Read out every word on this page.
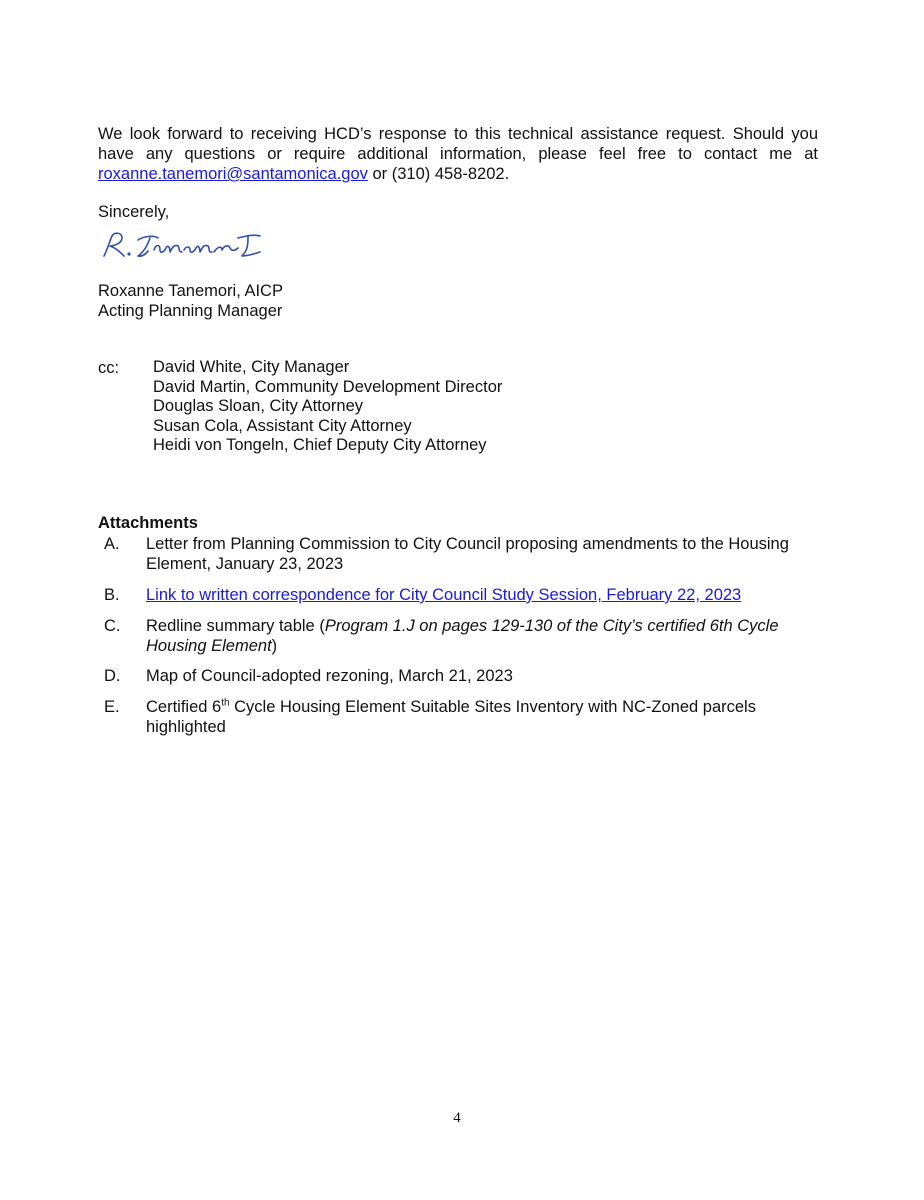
We look forward to receiving HCD’s response to this technical assistance request. Should you have any questions or require additional information, please feel free to contact me at roxanne.tanemori@santamonica.gov or (310) 458-8202.

Sincerely,
Roxanne Tanemori, AICP
Acting Planning Manager
cc: David White, City Manager
David Martin, Community Development Director
Douglas Sloan, City Attorney
Susan Cola, Assistant City Attorney
Heidi von Tongeln, Chief Deputy City Attorney
Attachments
A. Letter from Planning Commission to City Council proposing amendments to the Housing Element, January 23, 2023
B. Link to written correspondence for City Council Study Session, February 22, 2023
C. Redline summary table (Program 1.J on pages 129-130 of the City’s certified 6th Cycle Housing Element)
D. Map of Council-adopted rezoning, March 21, 2023
E. Certified 6th Cycle Housing Element Suitable Sites Inventory with NC-Zoned parcels highlighted
4
